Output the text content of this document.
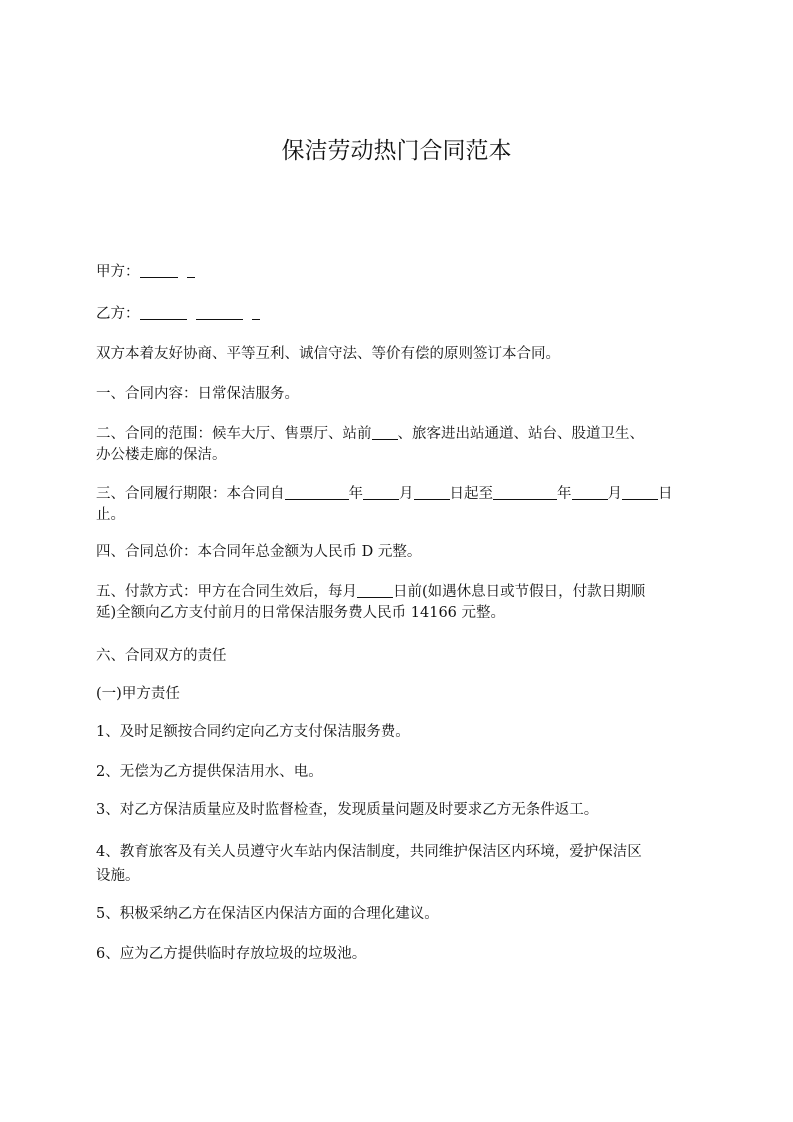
保洁劳动热门合同范本
甲方：
乙方：
双方本着友好协商、平等互利、诚信守法、等价有偿的原则签订本合同。
一、合同内容：日常保洁服务。
二、合同的范围：候车大厅、售票厅、站前 、旅客进出站通道、站台、股道卫生、
办公楼走廊的保洁。
三、合同履行期限：本合同自	年 月 日起至	年 月 日
止。
四、合同总价：本合同年总金额为人民币 D 元整。
五、付款方式：甲方在合同生效后，每月 日前(如遇休息日或节假日，付款日期顺
延)全额向乙方支付前月的日常保洁服务费人民币 14166 元整。
六、合同双方的责任
(一)甲方责任
1、及时足额按合同约定向乙方支付保洁服务费。
2、无偿为乙方提供保洁用水、电。
3、对乙方保洁质量应及时监督检查，发现质量问题及时要求乙方无条件返工。
4、教育旅客及有关人员遵守火车站内保洁制度，共同维护保洁区内环境，爱护保洁区
设施。
5、积极采纳乙方在保洁区内保洁方面的合理化建议。
6、应为乙方提供临时存放垃圾的垃圾池。
